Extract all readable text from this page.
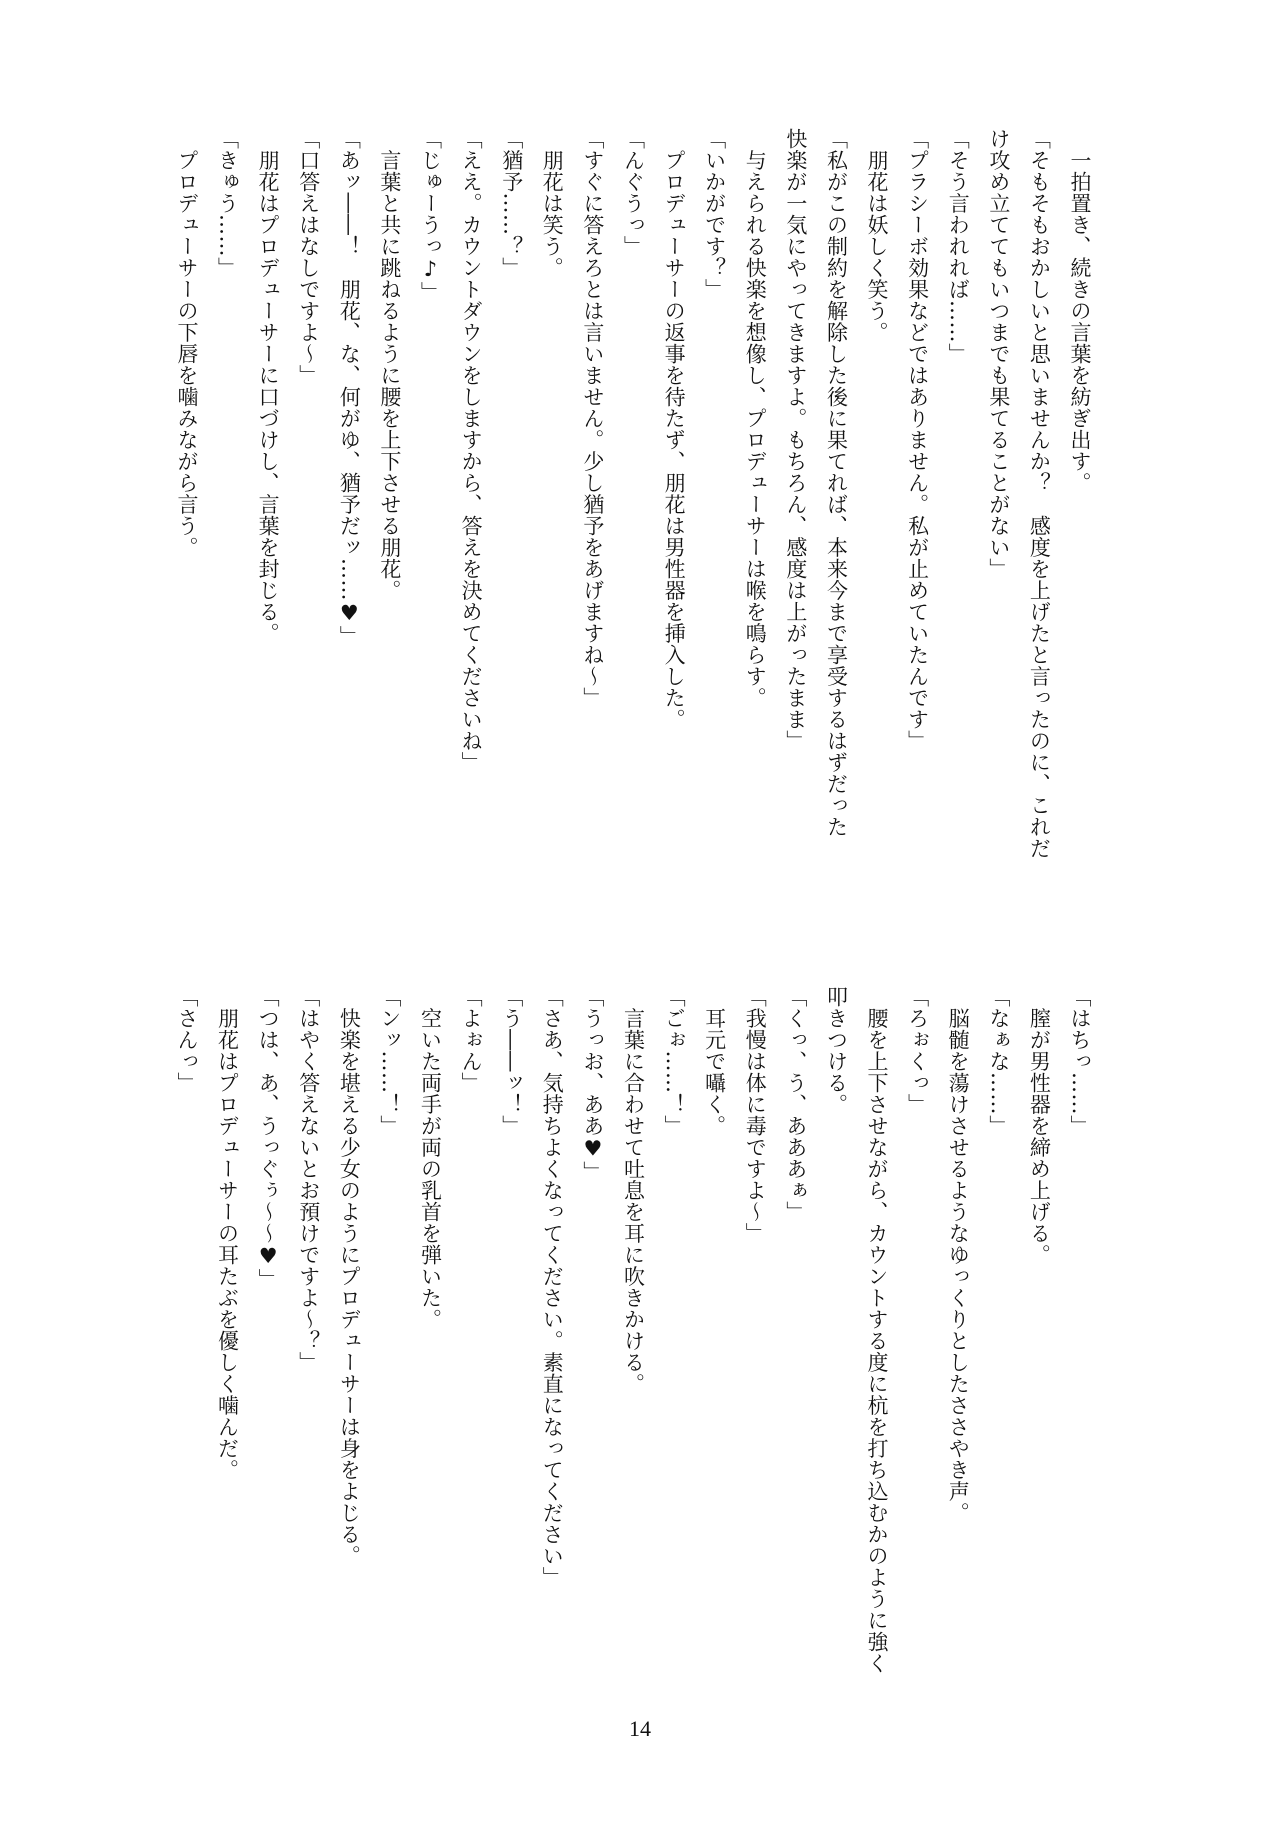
　一拍置き、続きの言葉を紡ぎ出す。
「そもそもおかしいと思いませんか？　感度を上げたと言ったのに、これだ
け攻め立ててもいつまでも果てることがない」
「そう言われれば……」
「プラシーボ効果などではありません。私が止めていたんです」
　朋花は妖しく笑う。
「私がこの制約を解除した後に果てれば、本来今まで享受するはずだった
快楽が一気にやってきますよ。もちろん、感度は上がったまま」
　与えられる快楽を想像し、プロデューサーは喉を鳴らす。
「いかがです？」
　プロデューサーの返事を待たず、朋花は男性器を挿入した。
「んぐうっ」
「すぐに答えろとは言いません。少し猶予をあげますね～」
　朋花は笑う。
「猶予……？」
「ええ。カウントダウンをしますから、答えを決めてくださいね」
「じゅーうっ♪」
　言葉と共に跳ねるように腰を上下させる朋花。
「あッ――！　朋花、な、何がゆ、猶予だッ……♥」
「口答えはなしですよ～」
　朋花はプロデューサーに口づけし、言葉を封じる。
「きゅう……」
　プロデューサーの下唇を噛みながら言う。
「はちっ……」
　膣が男性器を締め上げる。
「なぁな……」
　脳髄を蕩けさせるようなゆっくりとしたささやき声。
「ろぉくっ」
　腰を上下させながら、カウントする度に杭を打ち込むかのように強く
叩きつける。
「くっ、う、あああぁ」
「我慢は体に毒ですよ～」
　耳元で囁く。
「ごぉ……！」
　言葉に合わせて吐息を耳に吹きかける。
「うっお、ああ♥」
「さあ、気持ちよくなってください。素直になってください」
「う――ッ！」
「よぉん」
　空いた両手が両の乳首を弾いた。
「ンッ……！」
　快楽を堪える少女のようにプロデューサーは身をよじる。
「はやく答えないとお預けですよ～？」
「つは、あ、うっぐぅ～～♥」
　朋花はプロデューサーの耳たぶを優しく噛んだ。
「さんっ」
14
